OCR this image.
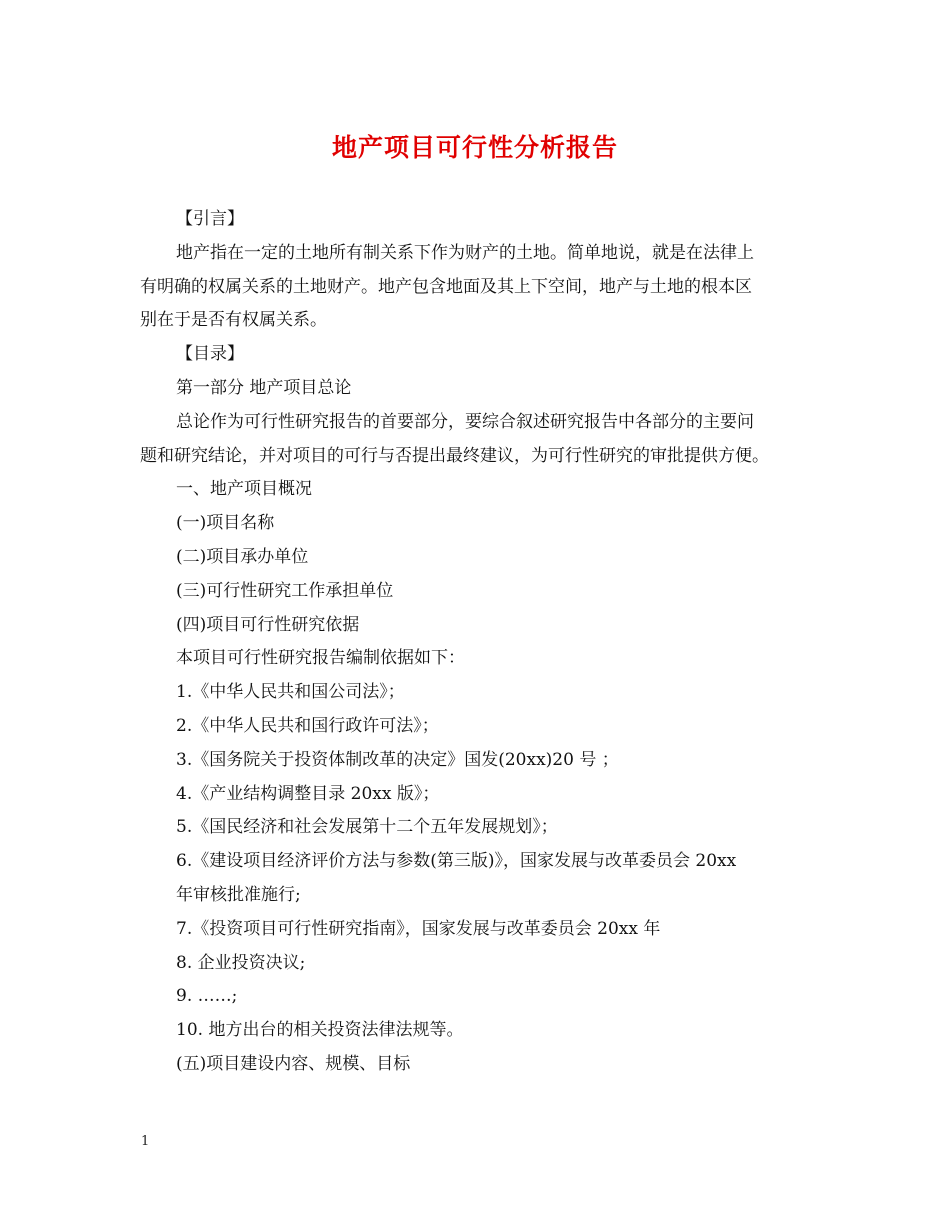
地产项目可行性分析报告
【引言】
地产指在一定的土地所有制关系下作为财产的土地。简单地说，就是在法律上
有明确的权属关系的土地财产。地产包含地面及其上下空间，地产与土地的根本区
别在于是否有权属关系。
【目录】
第一部分 地产项目总论
总论作为可行性研究报告的首要部分，要综合叙述研究报告中各部分的主要问
题和研究结论，并对项目的可行与否提出最终建议，为可行性研究的审批提供方便。
一、地产项目概况
(一)项目名称
(二)项目承办单位
(三)可行性研究工作承担单位
(四)项目可行性研究依据
本项目可行性研究报告编制依据如下：
1.《中华人民共和国公司法》；
2.《中华人民共和国行政许可法》；
3.《国务院关于投资体制改革的决定》国发(20xx)20 号 ；
4.《产业结构调整目录 20xx 版》；
5.《国民经济和社会发展第十二个五年发展规划》；
6.《建设项目经济评价方法与参数(第三版)》，国家发展与改革委员会 20xx
年审核批准施行;
7.《投资项目可行性研究指南》，国家发展与改革委员会 20xx 年
8. 企业投资决议;
9. ……;
10. 地方出台的相关投资法律法规等。
(五)项目建设内容、规模、目标
1
